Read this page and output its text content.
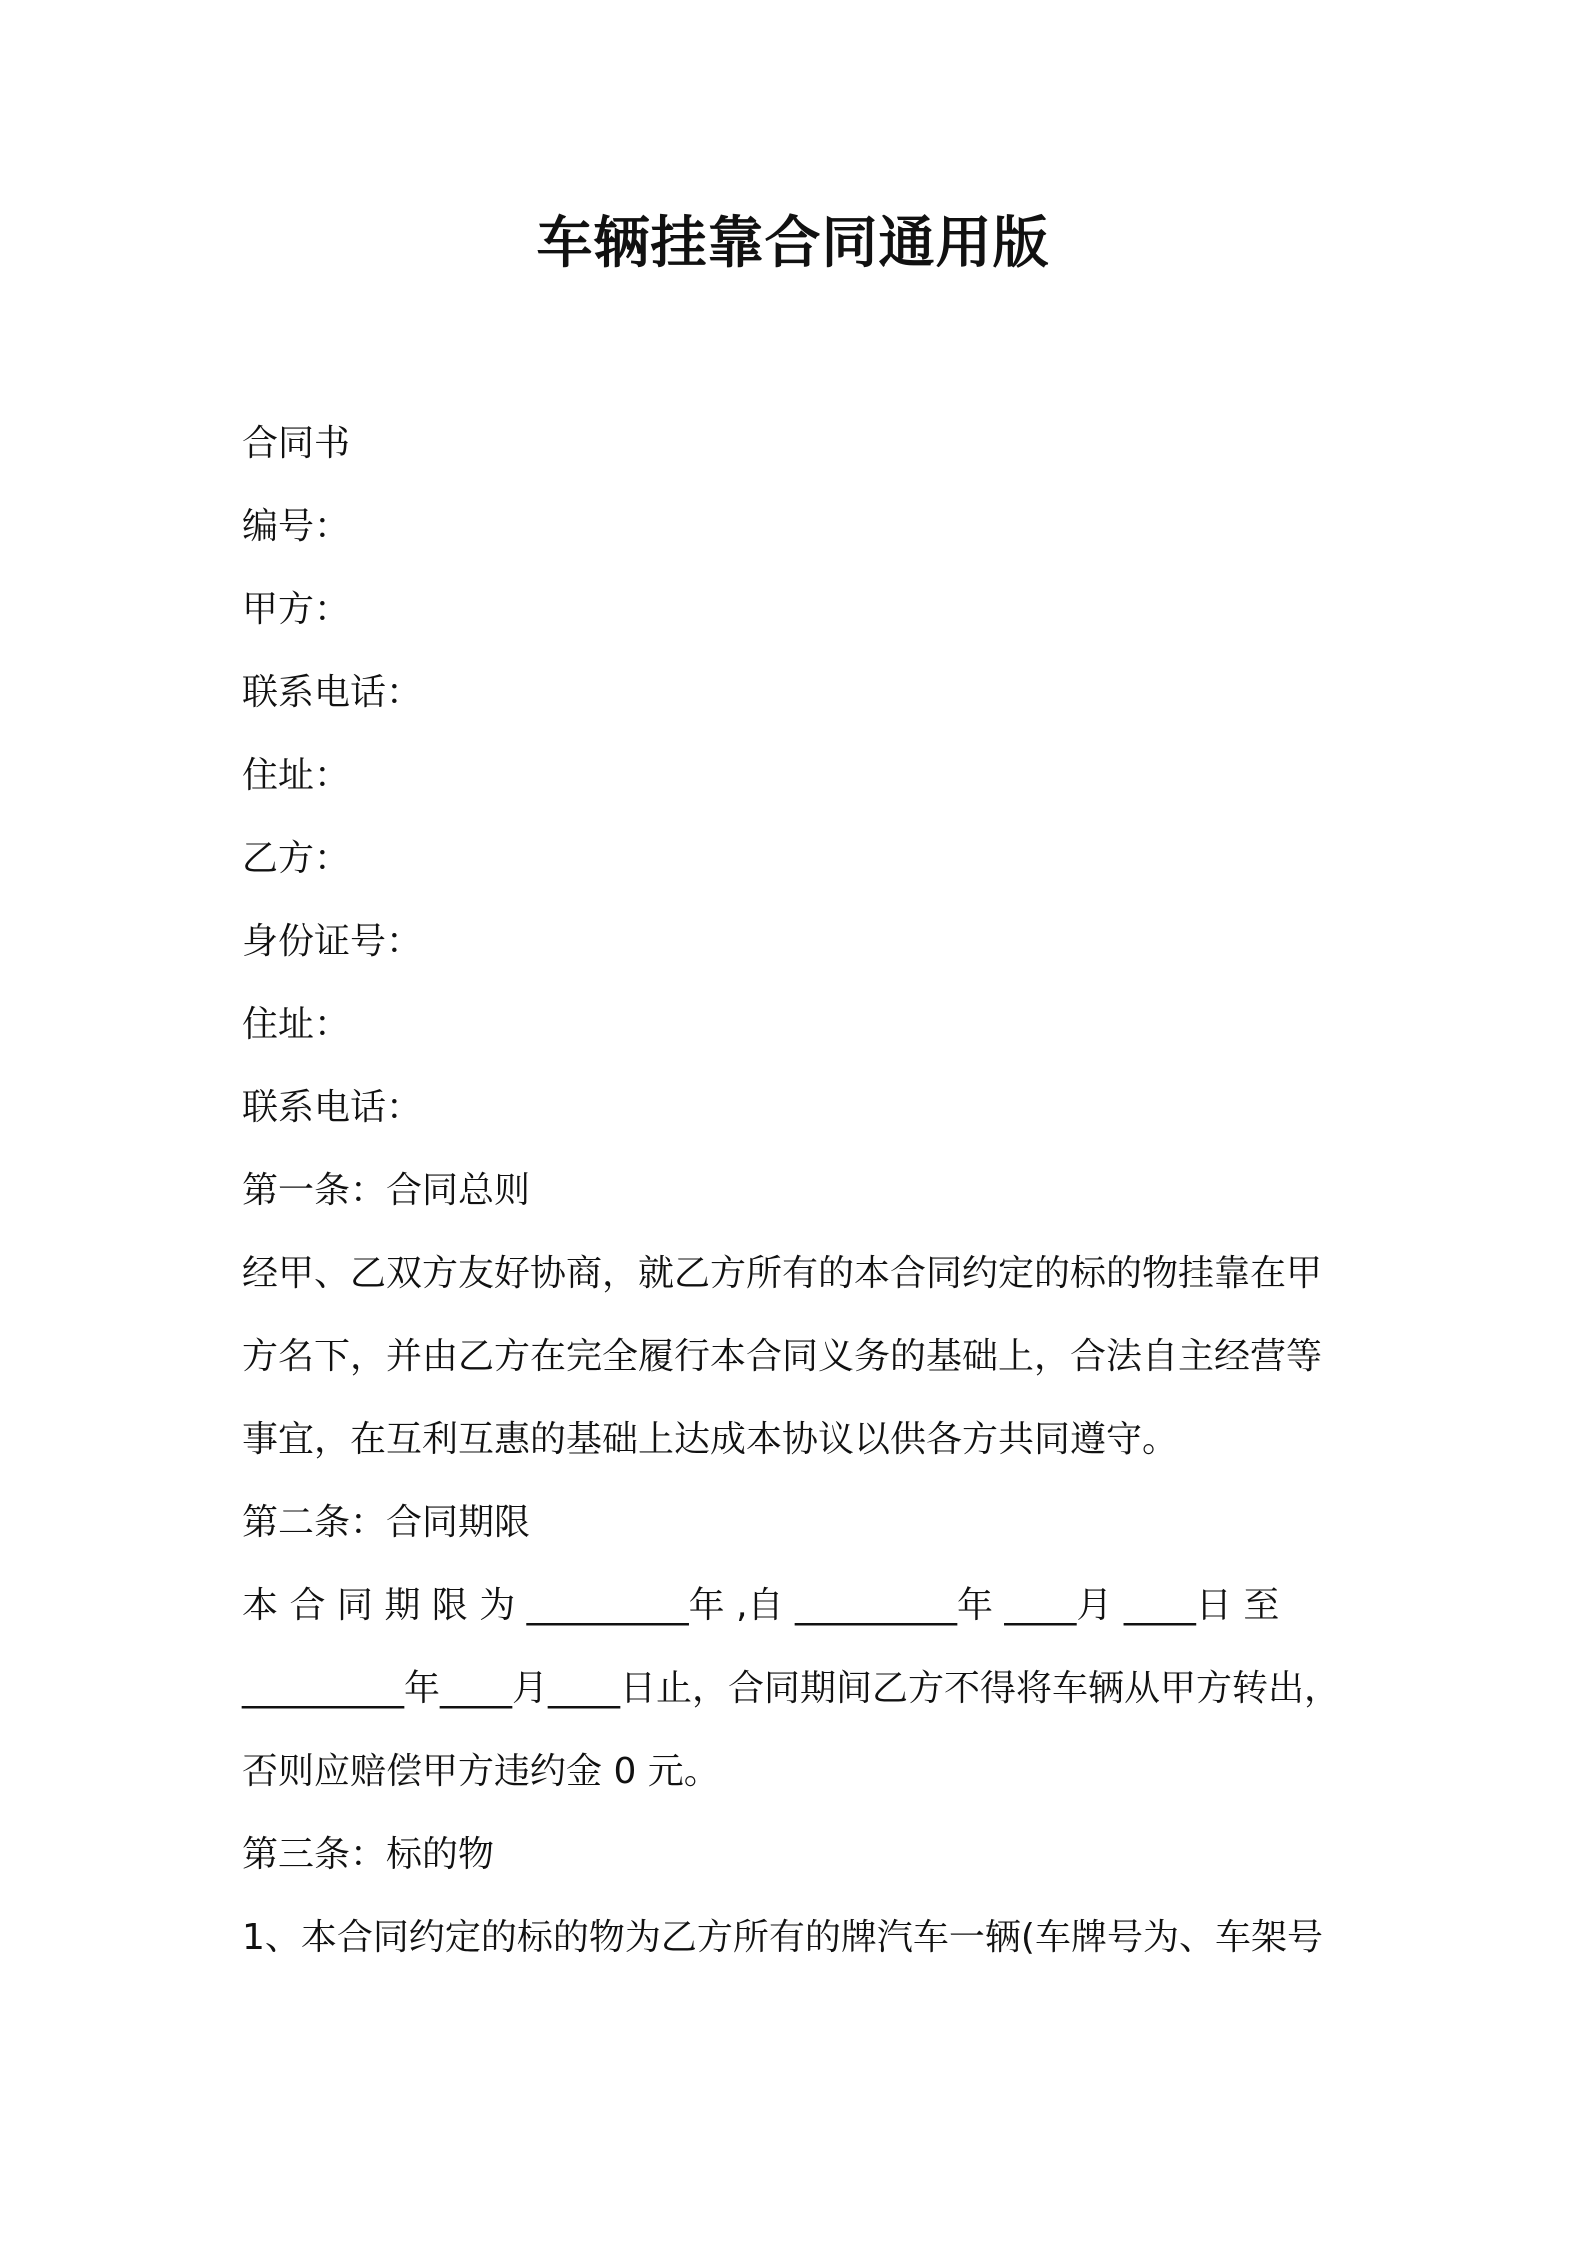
车辆挂靠合同通用版
合同书
编号：
甲方：
联系电话：
住址：
乙方：
身份证号：
住址：
联系电话：
第一条：合同总则
经甲、乙双方友好协商，就乙方所有的本合同约定的标的物挂靠在甲
方名下，并由乙方在完全履行本合同义务的基础上，合法自主经营等
事宜，在互利互惠的基础上达成本协议以供各方共同遵守。
第二条：合同期限
本 合 同 期 限 为 _________年 ,自 _________年 ____月 ____日 至
_________年____月____日止，合同期间乙方不得将车辆从甲方转出，
否则应赔偿甲方违约金 0 元。
第三条：标的物
1、本合同约定的标的物为乙方所有的牌汽车一辆(车牌号为、车架号
